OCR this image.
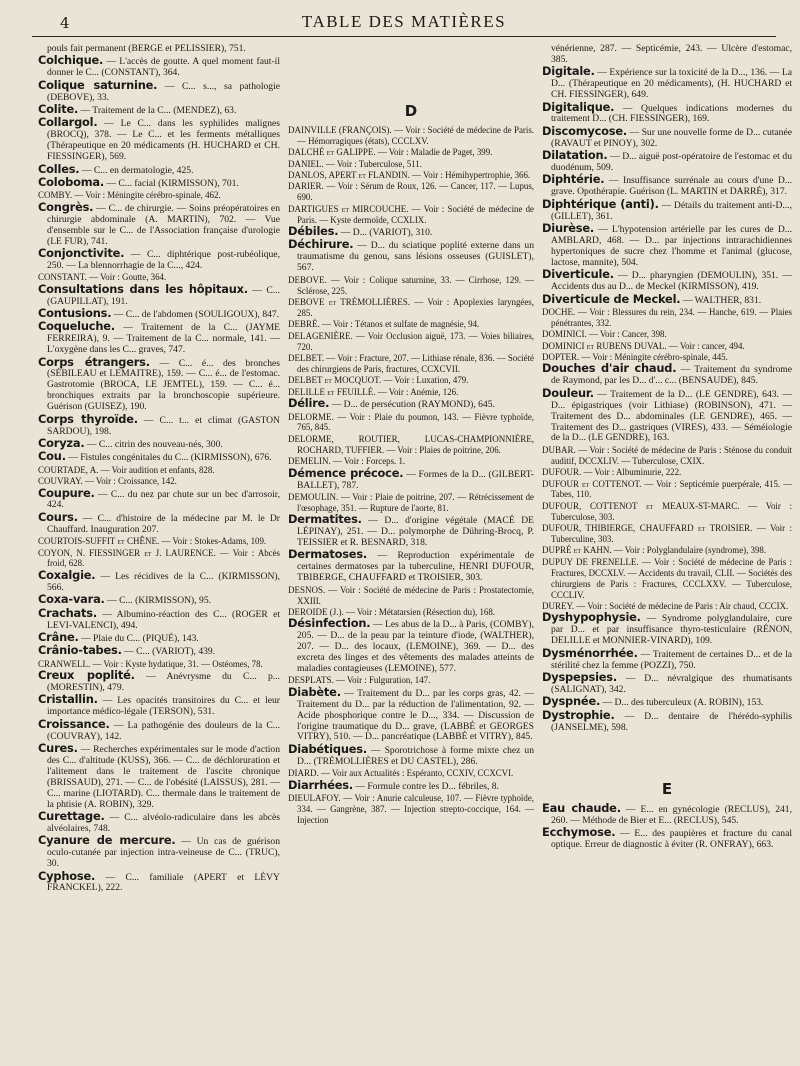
4	TABLE DES MATIÈRES

pouls fait permanent (BERGÉ et PÉLISSIER), 751.

Colchique. — L'accès de goutte. A quel moment faut-il donner le C... (CONSTANT), 364.

Colique saturnine. — C... s..., sa pathologie (DEBOVE), 33.

Colite. — Traitement de la C... (MENDEZ), 63.

Collargol. — Le C... dans les syphilides malignes (BROCQ), 378. — Le C... et les ferments métalliques (Thérapeutique en 20 médicaments (H. HUCHARD et CH. FIESSINGER), 569.

Colles. — C... en dermatologie, 425.

Coloboma. — C... facial (KIRMISSON), 701.

COMBY. — Voir : Méningite cérébro-spinale, 462.

Congrès. — C... de chirurgie. — Soins préopératoires en chirurgie abdominale (A. MARTIN), 702. — Vue d'ensemble sur le C... de l'Association française d'urologie (LE FUR), 741.

Conjonctivite. — C... diphtérique post-rubéolique, 250. — La blennorrhagie de la C..., 424.

CONSTANT. — Voir : Goutte, 364.

Consultations dans les hôpitaux. — C... (GAUPILLAT), 191.

Contusions. — C... de l'abdomen (SOULIGOUX), 847.

Coqueluche. — Traitement de la C... (JAYME FERREIRA), 9. — Traitement de la C... normale, 141. — L'oxygène dans les C... graves, 747.

Corps étrangers. — C... é... des bronches (SÉBILEAU et LEMAITRE), 159. — C... é... de l'estomac. Gastrotomie (BROCA, LE JEMTEL), 159. — C... é... bronchiques extraits par la bronchoscopie supérieure. Guérison (GUISEZ), 190.

Corps thyroïde. — C... t... et climat (GASTON SARDOU), 198.

Coryza. — C... citrin des nouveau-nés, 300.

Cou. — Fistules congénitales du C... (KIRMISSON), 676.

COURTADE, A. — Voir audition et enfants, 828.

COUVRAY. — Voir : Croissance, 142.

Coupure. — C... du nez par chute sur un bec d'arrosoir, 424.

Cours. — C... d'histoire de la médecine par M. le Dr Chauffard. Inauguration 207.

COURTOIS-SUFFIT et CHÊNE. — Voir : Stokes-Adams, 109.

COYON, N. FIESSINGER et J. LAURENCE. — Voir : Abcès froid, 628.

Coxalgie. — Les récidives de la C... (KIRMISSON), 566.

Coxa-vara. — C... (KIRMISSON), 95.

Crachats. — Albumino-réaction des C... (ROGER et LEVI-VALENCI), 494.

Crâne. — Plaie du C... (PIQUÉ), 143.

Crânio-tabes. — C... (VARIOT), 439.

CRANWELL. — Voir : Kyste hydatique, 31. — Ostéomes, 78.

Creux poplité. — Anévrysme du C... p... (MORESTIN), 479.

Cristallin. — Les opacités transitoires du C... et leur importance médico-légale (TERSON), 531.

Croissance. — La pathogénie des douleurs de la C... (COUVRAY), 142.

Cures. — Recherches expérimentales sur le mode d'action des C... d'altitude (KUSS), 366. — C... de déchloruration et l'alitement dans le traitement de l'ascite chronique (BRISSAUD), 271. — C... de l'obésité (LAISSUS), 281. — C... marine (LIOTARD). C... thermale dans le traitement de la phtisie (A. ROBIN), 329.

Curettage. — C... alvéolo-radiculaire dans les abcès alvéolaires, 748.

Cyanure de mercure. — Un cas de guérison oculo-cutanée par injection intra-veineuse de C... (TRUC), 30.

Cyphose. — C... familiale (APERT et LÉVY FRANCKEL), 222.

D

DAINVILLE (FRANÇOIS). — Voir : Société de médecine de Paris. — Hémorragiques (états), CCCLXV.

DALCHÉ et GALIPPE. — Voir : Maladie de Paget, 399.

DANIEL. — Voir : Tuberculose, 511.

DANLOS, APERT et FLANDIN. — Voir : Hémihypertrophie, 366.

DARIER. — Voir : Sérum de Roux, 126. — Cancer, 117. — Lupus, 690.

DARTIGUES et MIRCOUCHE. — Voir : Société de médecine de Paris. — Kyste dermoïde, CCXLIX.

Débiles. — D... (VARIOT), 310.

Déchirure. — D... du sciatique poplité externe dans un traumatisme du genou, sans lésions osseuses (GUISLET), 567.

DEBOVE. — Voir : Colique saturnine, 33. — Cirrhose, 129. — Sclérose, 225.

DEBOVE et TRÉMOLLIÈRES. — Voir : Apoplexies laryngées, 285.

DEBRÉ. — Voir : Tétanos et sulfate de magnésie, 94.

DELAGENIÈRE. — Voir Occlusion aiguë, 173. — Voies biliaires, 720.

DELBET. — Voir : Fracture, 207. — Lithiase rénale, 836. — Société des chirurgiens de Paris, fractures, CCXCVII.

DELBET et MOCQUOT. — Voir : Luxation, 479.

DELILLE et FEUILLÉ. — Voir : Anémie, 126.

Délire. — D... de persécution (RAYMOND), 645.

DELORME. — Voir : Plaie du poumon, 143. — Fièvre typhoïde, 765, 845.

DELORME, ROUTIER, LUCAS-CHAMPIONNIÈRE, ROCHARD, TUFFIER. — Voir : Plaies de poitrine, 206.

DEMELIN. — Voir : Forceps. 1.

Démence précoce. — Formes de la D... (GILBERT-BALLET), 787.

DEMOULIN. — Voir : Plaie de poitrine, 207. — Rétrécissement de l'œsophage, 351. — Rupture de l'aorte, 81.

Dermatites. — D... d'origine végétale (MACÉ DE LÉPINAY), 251. — D... polymorphe de Dühring-Brocq, P. TEISSIER et R. BESNARD, 318.

Dermatoses. — Reproduction expérimentale de certaines dermatoses par la tuberculine, HENRI DUFOUR, TBIBERGE, CHAUFFARD et TROISIER, 303.

DESNOS. — Voir : Société de médecine de Paris : Prostatectomie, XXIII.

DEROIDE (J.). — Voir : Métatarsien (Résection du), 168.

Désinfection. — Les abus de la D... à Paris, (COMBY), 205. — D... de la peau par la teinture d'iode, (WALTHER), 207. — D... des locaux, (LEMOINE), 369. — D... des excreta des linges et des vêtements des malades atteints de maladies contagieuses (LEMOINE), 577.

DESPLATS. — Voir : Fulguration, 147.

Diabète. — Traitement du D... par les corps gras, 42. — Traitement du D... par la réduction de l'alimentation, 92. — Acide phosphorique contre le D..., 334. — Discussion de l'origine traumatique du D... grave, (LABBÉ et GEORGES VITRY), 510. — D... pancréatique (LABBÉ et VITRY), 845.

Diabétiques. — Sporotrichose à forme mixte chez un D... (TRÉMOLLIÈRES et DU CASTEL), 286.

DIARD. — Voir aux Actualités : Espéranto, CCXIV, CCXCVI.

Diarrhées. — Formule contre les D... fébriles, 8.

DIEULAFOY. — Voir : Anurie calculeuse, 107. — Fièvre typhoïde, 334. — Gangrène, 387. — Injection strepto-coccique, 164. — Injection

vénérienne, 287. — Septicémie, 243. — Ulcère d'estomac, 385.

Digitale. — Expérience sur la toxicité de la D..., 136. — La D... (Thérapeutique en 20 médicaments), (H. HUCHARD et CH. FIESSINGER), 649.

Digitalique. — Quelques indications modernes du traitement D... (CH. FIESSINGER), 169.

Discomycose. — Sur une nouvelle forme de D... cutanée (RAVAUT et PINOY), 302.

Dilatation. — D... aiguë post-opératoire de l'estomac et du duodénum, 509.

Diphtérie. — Insuffisance surrénale au cours d'une D... grave. Opothérapie. Guérison (L. MARTIN et DARRÉ), 317.

Diphtérique (anti). — Détails du traitement anti-D..., (GILLET), 361.

Diurèse. — L'hypotension artérielle par les cures de D... AMBLARD, 468. — D... par injections intrarachidiennes hypertoniques de sucre chez l'homme et l'animal (glucose, lactose, mannite), 504.

Diverticule. — D... pharyngien (DEMOULIN), 351. — Accidents dus au D... de Meckel (KIRMISSON), 419.

Diverticule de Meckel. — WALTHER, 831.

DOCHE. — Voir : Blessures du rein, 234. — Hanche, 619. — Plaies pénétrantes, 332.

DOMINICI. — Voir : Cancer, 398.

DOMINICI et RUBENS DUVAL. — Voir : cancer, 494.

DOPTER. — Voir : Méningite cérébro-spinale, 445.

Douches d'air chaud. — Traitement du syndrome de Raymond, par les D... d'... c... (BENSAUDE), 845.

Douleur. — Traitement de la D... (LE GENDRE), 643. — D... épigastriques (voir Lithiase) (ROBINSON), 471. — Traitement des D... abdominales (LE GENDRE), 465. — Traitement des D... gastriques (VIRES), 433. — Séméiologie de la D... (LE GENDRE), 163.

DUBAR. — Voir : Société de médecine de Paris : Sténose du conduit auditif, DCCXLIV. — Tuberculose, CXIX.

DUFOUR. — Voir : Albuminurie, 222.

DUFOUR et COTTENOT. — Voir : Septicémie puerpérale, 415. — Tabes, 110.

DUFOUR, COTTENOT et MEAUX-ST-MARC. — Voir : Tuberculose, 303.

DUFOUR, THIBIERGE, CHAUFFARD et TROISIER. — Voir : Tuberculine, 303.

DUPRÉ et KAHN. — Voir : Polyglandulaire (syndrome), 398.

DUPUY DE FRENELLE. — Voir : Société de médecine de Paris : Fractures, DCCXLV. — Accidents du travail, CLII. — Sociétés des chirurgiens de Paris : Fractures, CCCLXXV. — Tuberculose, CCCLIV.

DUREY. — Voir : Société de médecine de Paris : Air chaud, CCCIX.

Dyshypophysie. — Syndrome polyglandulaire, cure par D... et par insuffisance thyro-testiculaire (RÉNON, DELILLE et MONNIER-VINARD), 109.

Dysménorrhée. — Traitement de certaines D... et de la stérilité chez la femme (POZZI), 750.

Dyspepsies. — D... névralgique des rhumatisants (SALIGNAT), 342.

Dyspnée. — D... des tuberculeux (A. ROBIN), 153.

Dystrophie. — D... dentaire de l'hérédo-syphilis (JANSELME), 598.

E

Eau chaude. — E... en gynécologie (RECLUS), 241, 260. — Méthode de Bier et E... (RECLUS), 545.

Ecchymose. — E... des paupières et fracture du canal optique. Erreur de diagnostic à éviter (R. ONFRAY), 663.
